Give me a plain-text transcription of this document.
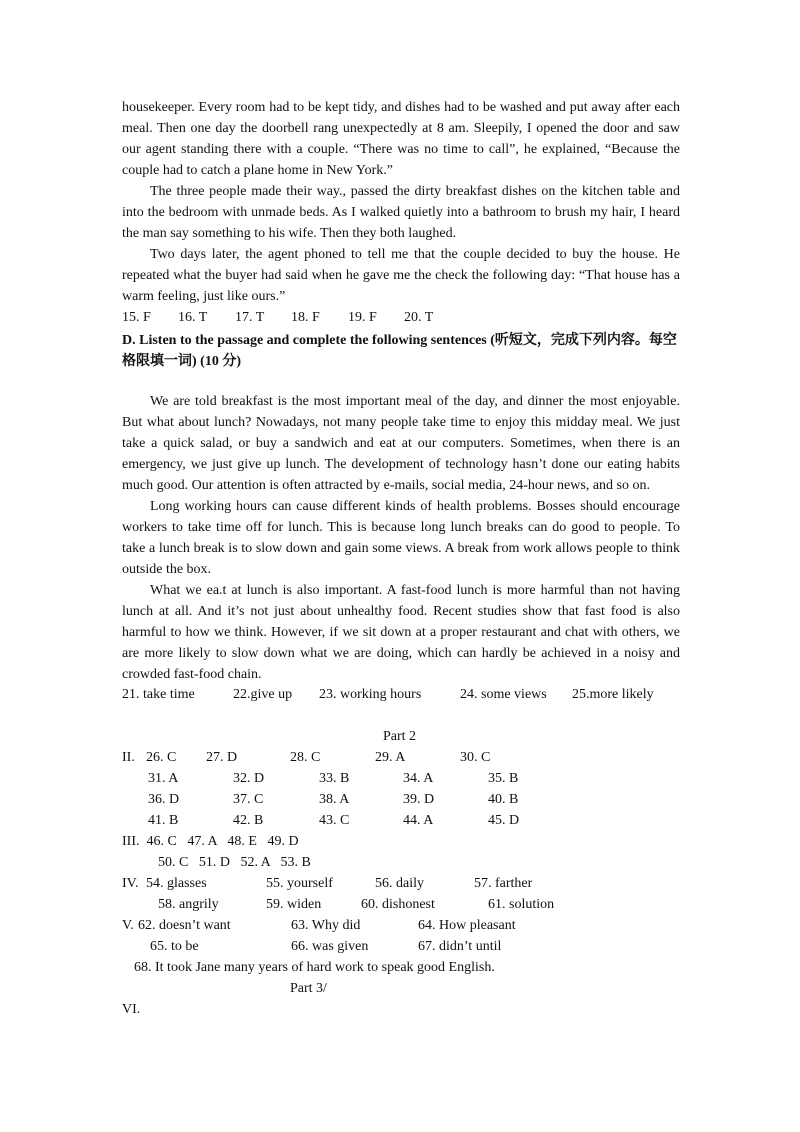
housekeeper. Every room had to be kept tidy, and dishes had to be washed and put away after each meal. Then one day the doorbell rang unexpectedly at 8 am. Sleepily, I opened the door and saw our agent standing there with a couple. “There was no time to call”, he explained, “Because the couple had to catch a plane home in New York.”

The three people made their way., passed the dirty breakfast dishes on the kitchen table and into the bedroom with unmade beds. As I walked quietly into a bathroom to brush my hair, I heard the man say something to his wife. Then they both laughed.

Two days later, the agent phoned to tell me that the couple decided to buy the house. He repeated what the buyer had said when he gave me the check the following day: “That house has a warm feeling, just like ours.”

15. F 16. T 17. T 18. F 19. F 20. T
D. Listen to the passage and complete the following sentences (听短文，完成下列内容。每空
格限填一词) (10 分)

We are told breakfast is the most important meal of the day, and dinner the most enjoyable. But what about lunch? Nowadays, not many people take time to enjoy this midday meal. We just take a quick salad, or buy a sandwich and eat at our computers. Sometimes, when there is an emergency, we just give up lunch. The development of technology hasn’t done our eating habits much good. Our attention is often attracted by e-mails, social media, 24-hour news, and so on.

Long working hours can cause different kinds of health problems. Bosses should encourage workers to take time off for lunch. This is because long lunch breaks can do good to people. To take a lunch break is to slow down and gain some views. A break from work allows people to think outside the box.

What we ea.t at lunch is also important. A fast-food lunch is more harmful than not having lunch at all. And it’s not just about unhealthy food. Recent studies show that fast food is also harmful to how we think. However, if we sit down at a proper restaurant and chat with others, we are more likely to slow down what we are doing, which can hardly be achieved in a noisy and crowded fast-food chain.

21. take time	22.give up 23. working hours	24. some views 25.more likely
Part 2
II. 26. C 27. D	28. C	29. A	30. C
31. A	32. D	33. B	34. A	35. B
36. D	37. C	38. A	39. D	40. B
41. B	42. B	43. C	44. A	45. D
III.  46. C   47. A   48. E   49. D
50. C   51. D   52. A   53. B
IV. 54. glasses	55. yourself	56. daily	57. farther
58. angrily	59. widen	60. dishonest	61. solution
V. 62. doesn’t want	63. Why did	64. How pleasant
65. to be	66. was given	67. didn’t until
68. It took Jane many years of hard work to speak good English.
Part 3/
VI.
